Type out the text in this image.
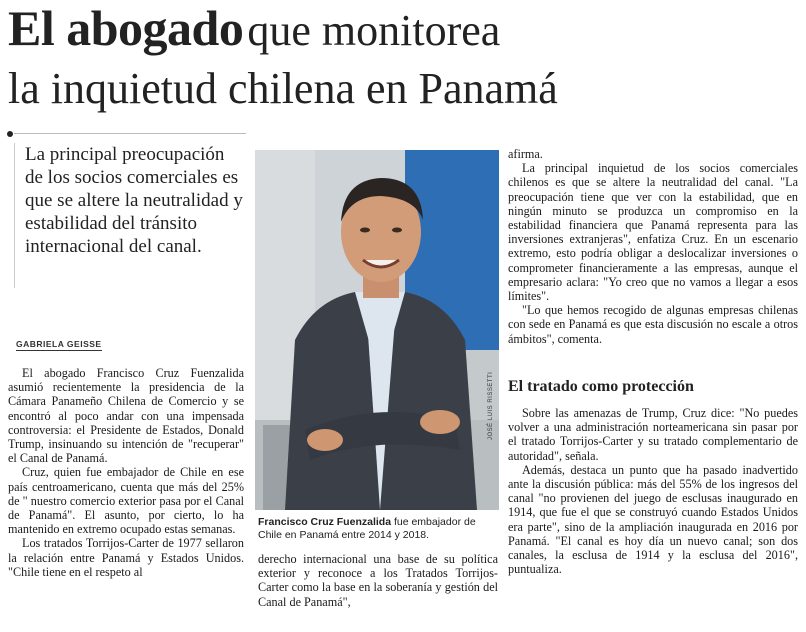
El abogado que monitorea
la inquietud chilena en Panamá
La principal preocupación de los socios comerciales es que se altere la neutralidad y estabilidad del tránsito internacional del canal.
GABRIELA GEISSE

El abogado Francisco Cruz Fuenzalida asumió recientemente la presidencia de la Cámara Panameño Chilena de Comercio y se encontró al poco andar con una impensada controversia: el Presidente de Estados, Donald Trump, insinuando su intención de "recuperar" el Canal de Panamá.

Cruz, quien fue embajador de Chile en ese país centroamericano, cuenta que más del 25% de " nuestro comercio exterior pasa por el Canal de Panamá". El asunto, por cierto, lo ha mantenido en extremo ocupado estas semanas.

Los tratados Torrijos-Carter de 1977 sellaron la relación entre Panamá y Estados Unidos. "Chile tiene en el respeto al

JOSÉ LUIS RISSETTI
Francisco Cruz Fuenzalida fue embajador de Chile en Panamá entre 2014 y 2018.

derecho internacional una base de su política exterior y reconoce a los Tratados Torrijos-Carter como la base en la soberanía y gestión del Canal de Panamá",

afirma.

La principal inquietud de los socios comerciales chilenos es que se altere la neutralidad del canal. "La preocupación tiene que ver con la estabilidad, que en ningún minuto se produzca un compromiso en la estabilidad financiera que Panamá representa para las inversiones extranjeras", enfatiza Cruz. En un escenario extremo, esto podría obligar a deslocalizar inversiones o comprometer financieramente a las empresas, aunque el empresario aclara: "Yo creo que no vamos a llegar a esos límites".

"Lo que hemos recogido de algunas empresas chilenas con sede en Panamá es que esta discusión no escale a otros ámbitos", comenta.

El tratado como protección

Sobre las amenazas de Trump, Cruz dice: "No puedes volver a una administración norteamericana sin pasar por el tratado Torrijos-Carter y su tratado complementario de autoridad", señala.

Además, destaca un punto que ha pasado inadvertido ante la discusión pública: más del 55% de los ingresos del canal "no provienen del juego de esclusas inaugurado en 1914, que fue el que se construyó cuando Estados Unidos era parte", sino de la ampliación inaugurada en 2016 por Panamá. "El canal es hoy día un nuevo canal; son dos canales, la esclusa de 1914 y la esclusa del 2016", puntualiza.
